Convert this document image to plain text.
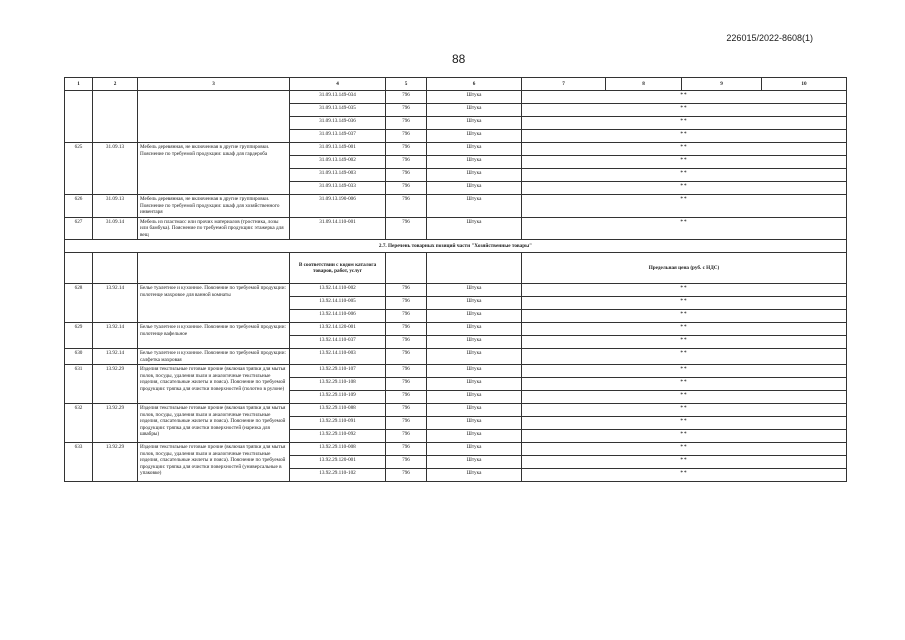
226015/2022-8608(1)
88
1	2	3	4	5	6	7	8	9	10
			31.09.13.149-034	796	Штука	**			
			31.09.13.149-035	796	Штука	**			
			31.09.13.149-036	796	Штука	**			
			31.09.13.149-037	796	Штука	**			
625	31.09.13	Мебель деревянная, не включенная в другие группировки. Пояснение по требуемой продукции: шкаф для гардероба	31.09.13.149-001	796	Штука	**			
			31.09.13.149-002	796	Штука	**			
			31.09.13.149-003	796	Штука	**			
			31.09.13.149-033	796	Штука	**			
626	31.09.13	Мебель деревянная, не включенная в другие группировки. Пояснение по требуемой продукции: шкаф для хозяйственного инвентаря	31.09.13.190-006	796	Штука	**			
627	31.09.14	Мебель из пластмасс или прочих материалов (тростника, лозы или бамбука). Пояснение по требуемой продукции: этажерка для вещ	31.09.14.110-001	796	Штука	**			
2.7. Перечень товарных позиций части "Хозяйственные товары"									
			В соответствии с кодом каталога товаров, работ, услуг			Предельная цена (руб. с НДС)			
628	13.92.14	Белье туалетное и кухонное. Пояснение по требуемой продукции: полотенце махровое для ванной комнаты	13.92.14.110-002	796	Штука	**			
			13.92.14.110-005	796	Штука	**			
			13.92.14.110-006	796	Штука	**			
629	13.92.14	Белье туалетное и кухонное. Пояснение по требуемой продукции: полотенце вафельное	13.92.14.120-001	796	Штука	**			
			13.92.14.110-037	796	Штука	**			
630	13.92.14	Белье туалетное и кухонное. Пояснение по требуемой продукции: салфетка махровая	13.92.14.110-003	796	Штука	**			
631	13.92.29	Изделия текстильные готовые прочие (включая тряпки для мытья полов, посуды, удаления пыли и аналогичные текстильные изделия, спасательные жилеты и пояса). Пояснение по требуемой продукции: тряпка для очистки поверхностей (полотно в рулоне)	13.92.29.110-107	796	Штука	**			
			13.92.29.110-108	796	Штука	**			
			13.92.29.110-109	796	Штука	**			
632	13.92.29	Изделия текстильные готовые прочие (включая тряпки для мытья полов, посуды, удаления пыли и аналогичные текстильные изделия, спасательные жилеты и пояса). Пояснение по требуемой продукции: тряпка для очистки поверхностей (нарезка для швабры)	13.92.29.110-088	796	Штука	**			
			13.92.29.110-091	796	Штука	**			
			13.92.29.110-092	796	Штука	**			
633	13.92.29	Изделия текстильные готовые прочие (включая тряпки для мытья полов, посуды, удаления пыли и аналогичные текстильные изделия, спасательные жилеты и пояса). Пояснение по требуемой продукции: тряпка для очистки поверхностей (универсальные в упаковке)	13.92.29.110-008	796	Штука	**			
			13.92.29.120-001	796	Штука	**			
			13.92.29.110-102	796	Штука	**			
